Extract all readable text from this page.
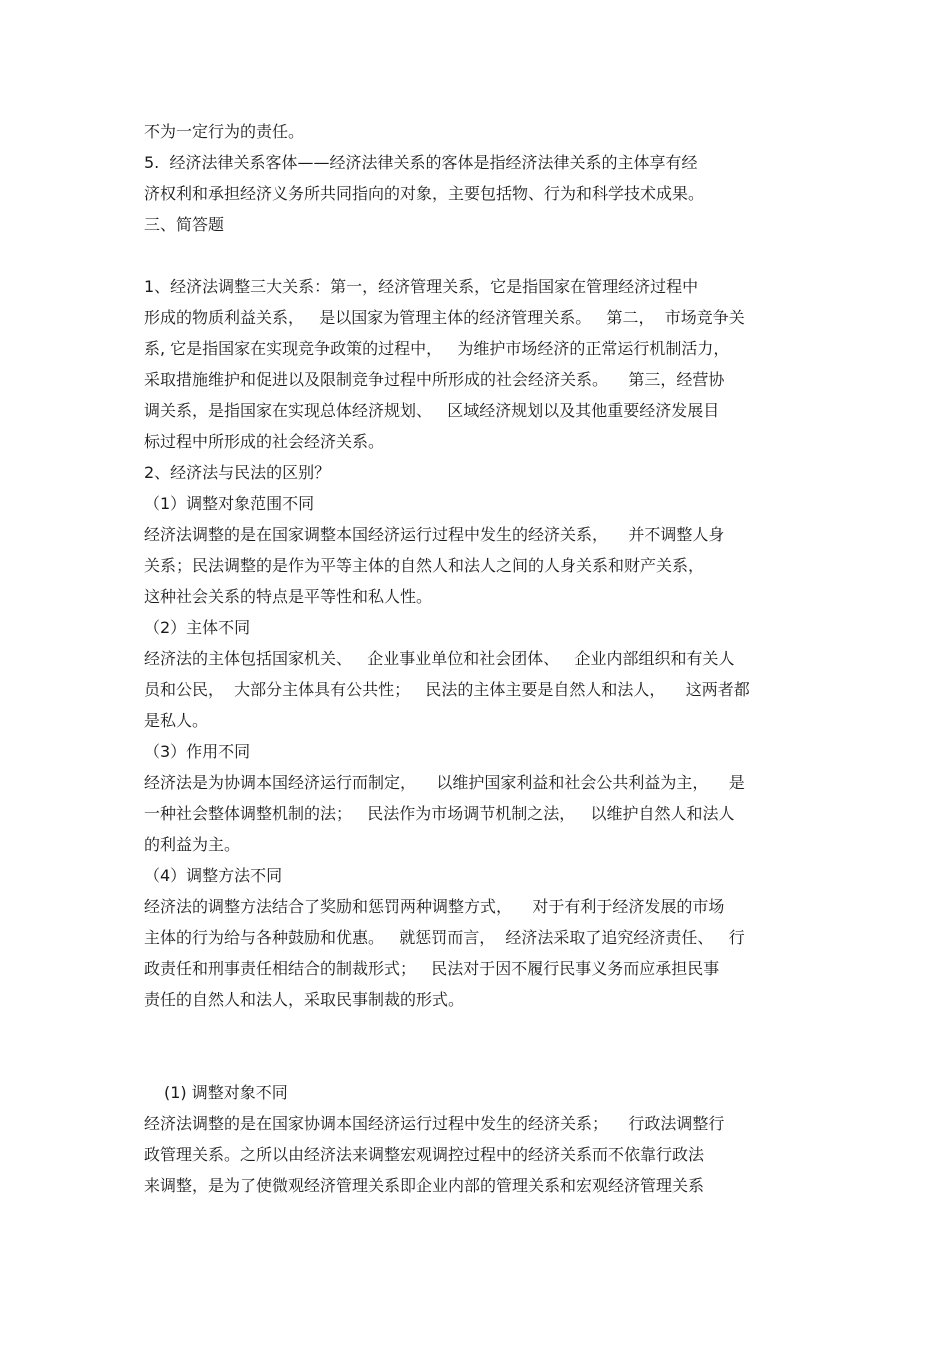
不为一定行为的责任。
5.  经济法律关系客体——经济法律关系的客体是指经济法律关系的主体享有经
济权利和承担经济义务所共同指向的对象，主要包括物、行为和科学技术成果。
三、简答题

1、经济法调整三大关系：第一，经济管理关系，它是指国家在管理经济过程中
形成的物质利益关系，   是以国家为管理主体的经济管理关系。   第二，  市场竞争关
系, 它是指国家在实现竞争政策的过程中，   为维护市场经济的正常运行机制活力，
采取措施维护和促进以及限制竞争过程中所形成的社会经济关系。    第三，经营协
调关系，是指国家在实现总体经济规划、   区域经济规划以及其他重要经济发展目
标过程中所形成的社会经济关系。
2、经济法与民法的区别？
（1）调整对象范围不同
经济法调整的是在国家调整本国经济运行过程中发生的经济关系，    并不调整人身
关系；民法调整的是作为平等主体的自然人和法人之间的人身关系和财产关系，
这种社会关系的特点是平等性和私人性。
（2）主体不同
经济法的主体包括国家机关、   企业事业单位和社会团体、   企业内部组织和有关人
员和公民，  大部分主体具有公共性；   民法的主体主要是自然人和法人，    这两者都
是私人。
（3）作用不同
经济法是为协调本国经济运行而制定，    以维护国家利益和社会公共利益为主，    是
一种社会整体调整机制的法；   民法作为市场调节机制之法，   以维护自然人和法人
的利益为主。
（4）调整方法不同
经济法的调整方法结合了奖励和惩罚两种调整方式，    对于有利于经济发展的市场
主体的行为给与各种鼓励和优惠。   就惩罚而言，  经济法采取了追究经济责任、   行
政责任和刑事责任相结合的制裁形式；   民法对于因不履行民事义务而应承担民事
责任的自然人和法人，采取民事制裁的形式。

(1) 调整对象不同
经济法调整的是在国家协调本国经济运行过程中发生的经济关系；    行政法调整行
政管理关系。之所以由经济法来调整宏观调控过程中的经济关系而不依靠行政法
来调整，是为了使微观经济管理关系即企业内部的管理关系和宏观经济管理关系
